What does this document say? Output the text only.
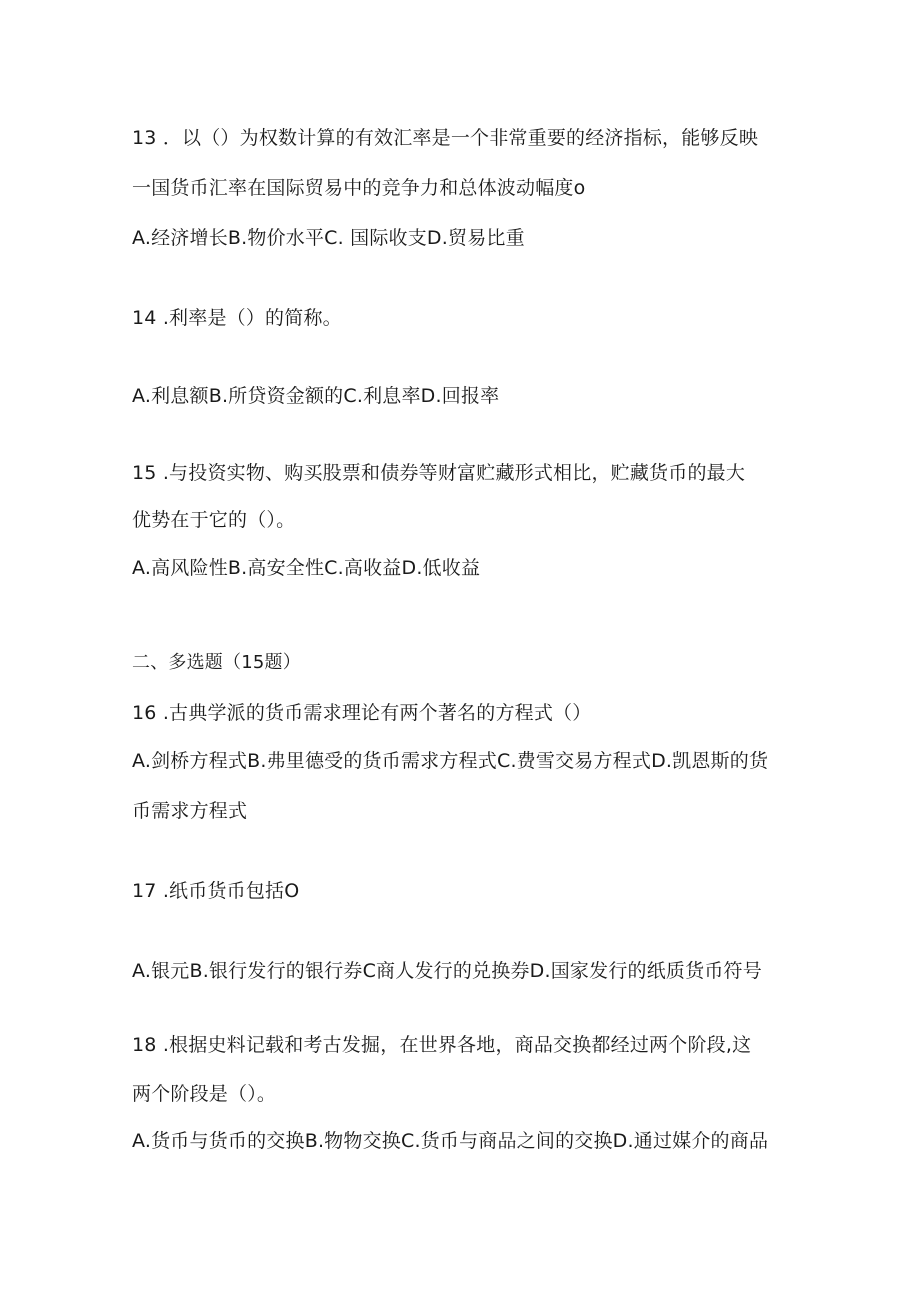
13 ．以（）为权数计算的有效汇率是一个非常重要的经济指标，能够反映
一国货币汇率在国际贸易中的竞争力和总体波动幅度o
A.经济增长B.物价水平C. 国际收支D.贸易比重
14 .利率是（）的简称。
A.利息额B.所贷资金额的C.利息率D.回报率
15 .与投资实物、购买股票和债券等财富贮藏形式相比，贮藏货币的最大
优势在于它的（）。
A.高风险性B.高安全性C.高收益D.低收益
二、多选题（15题）
16 .古典学派的货币需求理论有两个著名的方程式（）
A.剑桥方程式B.弗里德受的货币需求方程式C.费雪交易方程式D.凯恩斯的货
币需求方程式
17 .纸币货币包括O
A.银元B.银行发行的银行券C商人发行的兑换券D.国家发行的纸质货币符号
18 .根据史料记载和考古发掘，在世界各地，商品交换都经过两个阶段,这
两个阶段是（）。
A.货币与货币的交换B.物物交换C.货币与商品之间的交换D.通过媒介的商品
